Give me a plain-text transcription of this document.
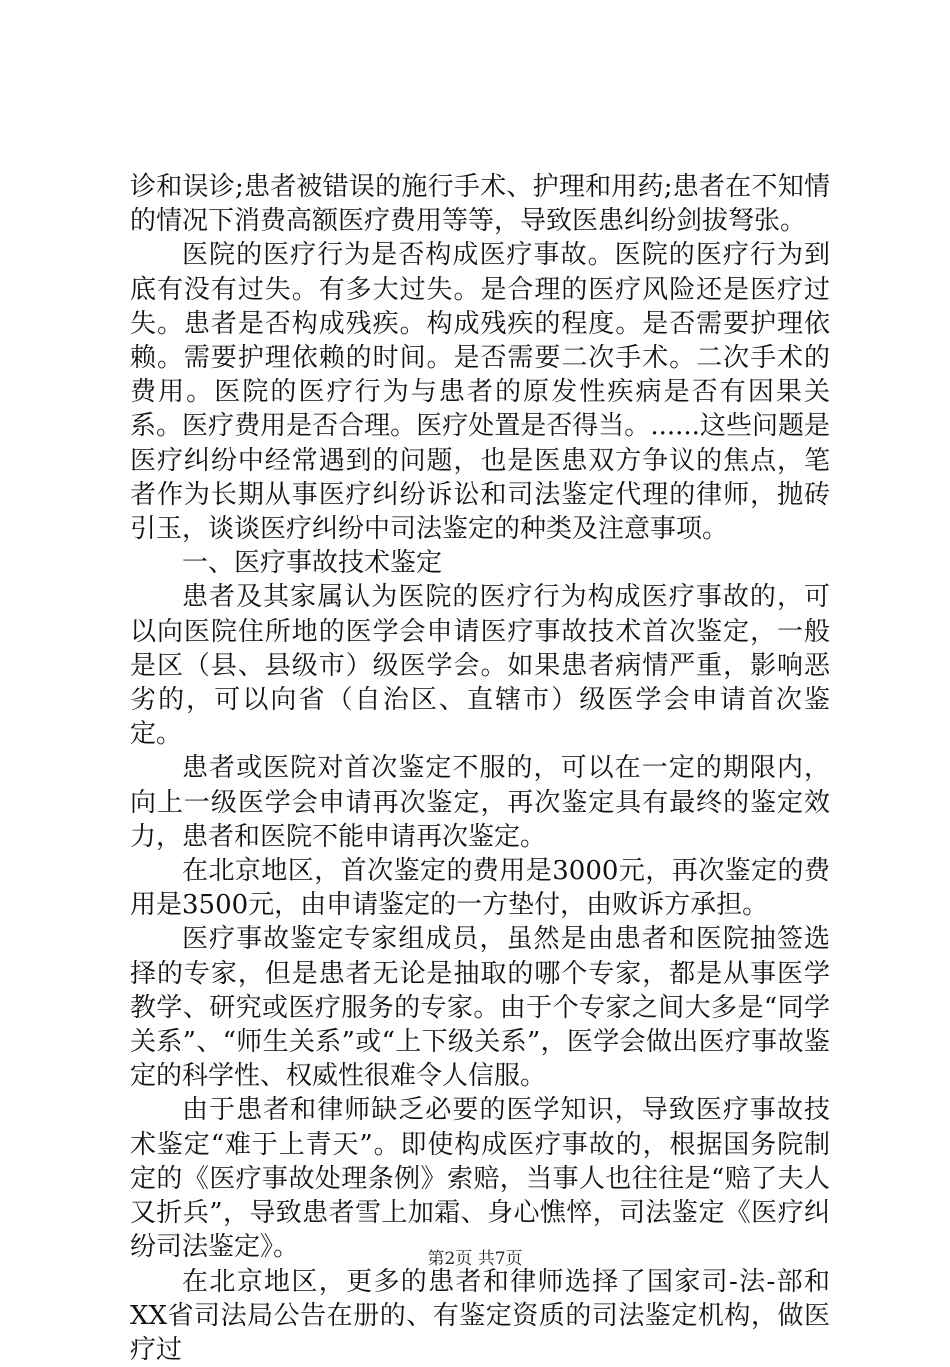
诊和误诊;患者被错误的施行手术、护理和用药;患者在不知情的情况下消费高额医疗费用等等，导致医患纠纷剑拔弩张。

医院的医疗行为是否构成医疗事故。医院的医疗行为到底有没有过失。有多大过失。是合理的医疗风险还是医疗过失。患者是否构成残疾。构成残疾的程度。是否需要护理依赖。需要护理依赖的时间。是否需要二次手术。二次手术的费用。医院的医疗行为与患者的原发性疾病是否有因果关系。医疗费用是否合理。医疗处置是否得当。......这些问题是医疗纠纷中经常遇到的问题，也是医患双方争议的焦点，笔者作为长期从事医疗纠纷诉讼和司法鉴定代理的律师，抛砖引玉，谈谈医疗纠纷中司法鉴定的种类及注意事项。

一、医疗事故技术鉴定

患者及其家属认为医院的医疗行为构成医疗事故的，可以向医院住所地的医学会申请医疗事故技术首次鉴定，一般是区（县、县级市）级医学会。如果患者病情严重，影响恶劣的，可以向省（自治区、直辖市）级医学会申请首次鉴定。

患者或医院对首次鉴定不服的，可以在一定的期限内，向上一级医学会申请再次鉴定，再次鉴定具有最终的鉴定效力，患者和医院不能申请再次鉴定。

在北京地区，首次鉴定的费用是3000元，再次鉴定的费用是3500元，由申请鉴定的一方垫付，由败诉方承担。

医疗事故鉴定专家组成员，虽然是由患者和医院抽签选择的专家，但是患者无论是抽取的哪个专家，都是从事医学教学、研究或医疗服务的专家。由于个专家之间大多是“同学关系”、“师生关系”或“上下级关系”，医学会做出医疗事故鉴定的科学性、权威性很难令人信服。

由于患者和律师缺乏必要的医学知识，导致医疗事故技术鉴定“难于上青天”。即使构成医疗事故的，根据国务院制定的《医疗事故处理条例》索赔，当事人也往往是“赔了夫人又折兵”，导致患者雪上加霜、身心憔悴，司法鉴定《医疗纠纷司法鉴定》。

在北京地区，更多的患者和律师选择了国家司-法-部和XX省司法局公告在册的、有鉴定资质的司法鉴定机构，做医疗过

第2页 共7页
